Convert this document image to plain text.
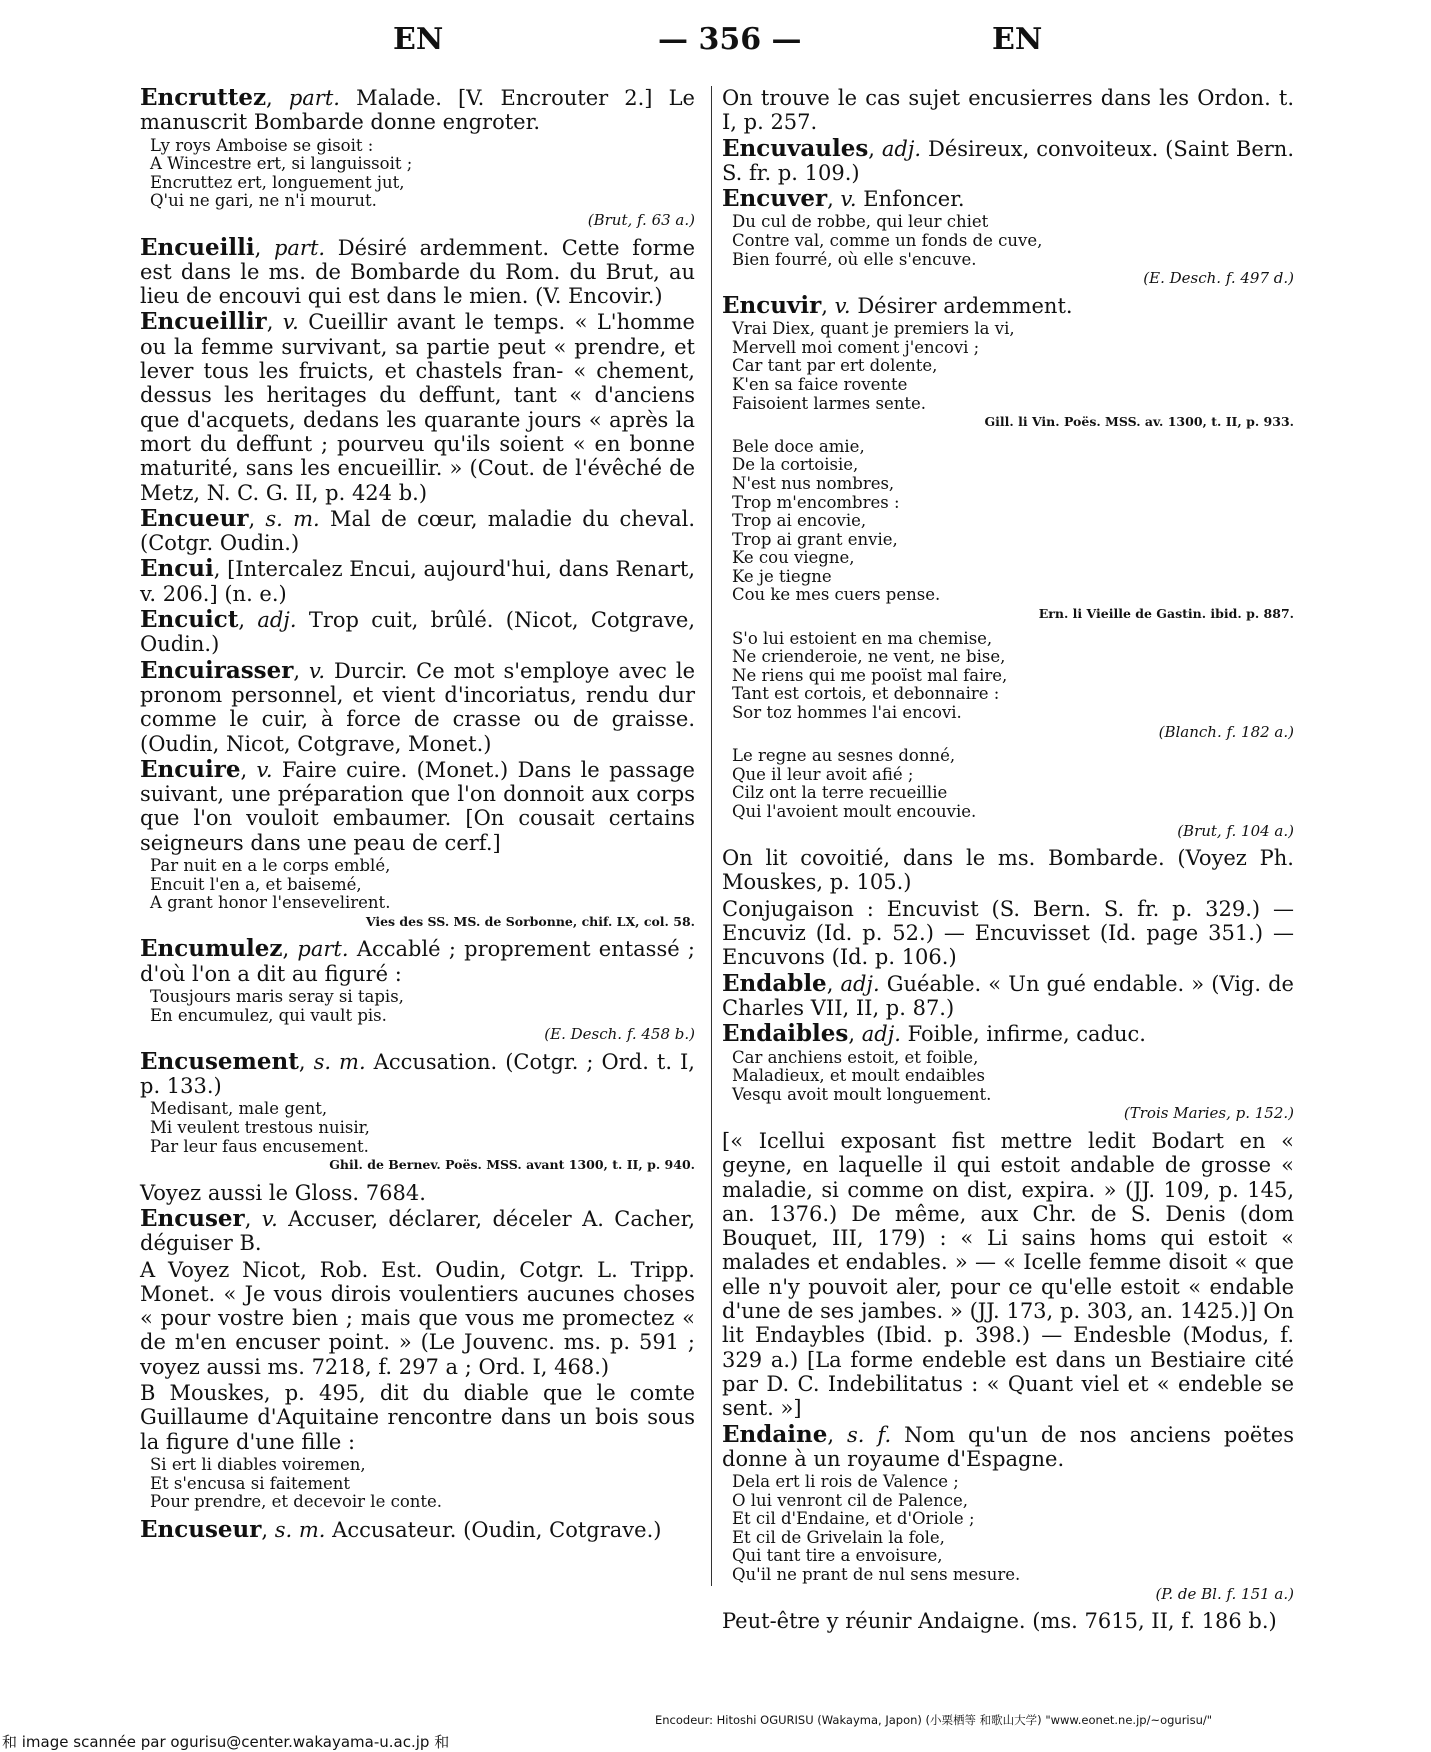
EN	— 356 —	EN

Encruttez, part. Malade. [V. Encrouter 2.] Le manuscrit Bombarde donne engroter.

Ly roys Amboise se gisoit :
A Wincestre ert, si languissoit ;
Encruttez ert, longuement jut,
Q'ui ne gari, ne n'i mourut.
(Brut, f. 63 a.)

Encueilli, part. Désiré ardemment. Cette forme est dans le ms. de Bombarde du Rom. du Brut, au lieu de encouvi qui est dans le mien. (V. Encovir.)

Encueillir, v. Cueillir avant le temps. « L'homme ou la femme survivant, sa partie peut « prendre, et lever tous les fruicts, et chastels fran- « chement, dessus les heritages du deffunt, tant « d'anciens que d'acquets, dedans les quarante jours « après la mort du deffunt ; pourveu qu'ils soient « en bonne maturité, sans les encueillir. » (Cout. de l'évêché de Metz, N. C. G. II, p. 424 b.)

Encueur, s. m. Mal de cœur, maladie du cheval. (Cotgr. Oudin.)

Encui, [Intercalez Encui, aujourd'hui, dans Renart, v. 206.] (n. e.)

Encuict, adj. Trop cuit, brûlé. (Nicot, Cotgrave, Oudin.)

Encuirasser, v. Durcir. Ce mot s'employe avec le pronom personnel, et vient d'incoriatus, rendu dur comme le cuir, à force de crasse ou de graisse. (Oudin, Nicot, Cotgrave, Monet.)

Encuire, v. Faire cuire. (Monet.) Dans le passage suivant, une préparation que l'on donnoit aux corps que l'on vouloit embaumer. [On cousait certains seigneurs dans une peau de cerf.]

Par nuit en a le corps emblé,
Encuit l'en a, et baisemé,
A grant honor l'ensevelirent.
Vies des SS. MS. de Sorbonne, chif. LX, col. 58.

Encumulez, part. Accablé ; proprement entassé ; d'où l'on a dit au figuré :

Tousjours maris seray si tapis,
En encumulez, qui vault pis.
(E. Desch. f. 458 b.)

Encusement, s. m. Accusation. (Cotgr. ; Ord. t. I, p. 133.)

Medisant, male gent,
Mi veulent trestous nuisir,
Par leur faus encusement.
Ghil. de Bernev. Poës. MSS. avant 1300, t. II, p. 940.

Voyez aussi le Gloss. 7684.

Encuser, v. Accuser, déclarer, déceler A. Cacher, déguiser B.

A Voyez Nicot, Rob. Est. Oudin, Cotgr. L. Tripp. Monet. « Je vous dirois voulentiers aucunes choses « pour vostre bien ; mais que vous me promectez « de m'en encuser point. » (Le Jouvenc. ms. p. 591 ; voyez aussi ms. 7218, f. 297 a ; Ord. I, 468.)

B Mouskes, p. 495, dit du diable que le comte Guillaume d'Aquitaine rencontre dans un bois sous la figure d'une fille :

Si ert li diables voiremen,
Et s'encusa si faitement
Pour prendre, et decevoir le conte.

Encuseur, s. m. Accusateur. (Oudin, Cotgrave.)

On trouve le cas sujet encusierres dans les Ordon. t. I, p. 257.

Encuvaules, adj. Désireux, convoiteux. (Saint Bern. S. fr. p. 109.)

Encuver, v. Enfoncer.

Du cul de robbe, qui leur chiet
Contre val, comme un fonds de cuve,
Bien fourré, où elle s'encuve.
(E. Desch. f. 497 d.)

Encuvir, v. Désirer ardemment.

Vrai Diex, quant je premiers la vi,
Mervell moi coment j'encovi ;
Car tant par ert dolente,
K'en sa faice rovente
Faisoient larmes sente.
Gill. li Vin. Poës. MSS. av. 1300, t. II, p. 933.
Bele doce amie,
De la cortoisie,
N'est nus nombres,
Trop m'encombres :
Trop ai encovie,
Trop ai grant envie,
Ke cou viegne,
Ke je tiegne
Cou ke mes cuers pense.
Ern. li Vieille de Gastin. ibid. p. 887.
S'o lui estoient en ma chemise,
Ne crienderoie, ne vent, ne bise,
Ne riens qui me pooïst mal faire,
Tant est cortois, et debonnaire :
Sor toz hommes l'ai encovi.
(Blanch. f. 182 a.)
Le regne au sesnes donné,
Que il leur avoit afié ;
Cilz ont la terre recueillie
Qui l'avoient moult encouvie.
(Brut, f. 104 a.)

On lit covoitié, dans le ms. Bombarde. (Voyez Ph. Mouskes, p. 105.)

Conjugaison : Encuvist (S. Bern. S. fr. p. 329.) — Encuviz (Id. p. 52.) — Encuvisset (Id. page 351.) — Encuvons (Id. p. 106.)

Endable, adj. Guéable. « Un gué endable. » (Vig. de Charles VII, II, p. 87.)

Endaibles, adj. Foible, infirme, caduc.

Car anchiens estoit, et foible,
Maladieux, et moult endaibles
Vesqu avoit moult longuement.
(Trois Maries, p. 152.)

[« Icellui exposant fist mettre ledit Bodart en « geyne, en laquelle il qui estoit andable de grosse « maladie, si comme on dist, expira. » (JJ. 109, p. 145, an. 1376.) De même, aux Chr. de S. Denis (dom Bouquet, III, 179) : « Li sains homs qui estoit « malades et endables. » — « Icelle femme disoit « que elle n'y pouvoit aler, pour ce qu'elle estoit « endable d'une de ses jambes. » (JJ. 173, p. 303, an. 1425.)] On lit Endaybles (Ibid. p. 398.) — Endesble (Modus, f. 329 a.) [La forme endeble est dans un Bestiaire cité par D. C. Indebilitatus : « Quant viel et « endeble se sent. »]

Endaine, s. f. Nom qu'un de nos anciens poëtes donne à un royaume d'Espagne.

Dela ert li rois de Valence ;
O lui venront cil de Palence,
Et cil d'Endaine, et d'Oriole ;
Et cil de Grivelain la fole,
Qui tant tire a envoisure,
Qu'il ne prant de nul sens mesure.
(P. de Bl. f. 151 a.)

Peut-être y réunir Andaigne. (ms. 7615, II, f. 186 b.)

Encodeur: Hitoshi OGURISU (Wakayma, Japon) (小栗栖等 和歌山大学) "www.eonet.ne.jp/~ogurisu/"
和 image scannée par ogurisu@center.wakayama-u.ac.jp 和
